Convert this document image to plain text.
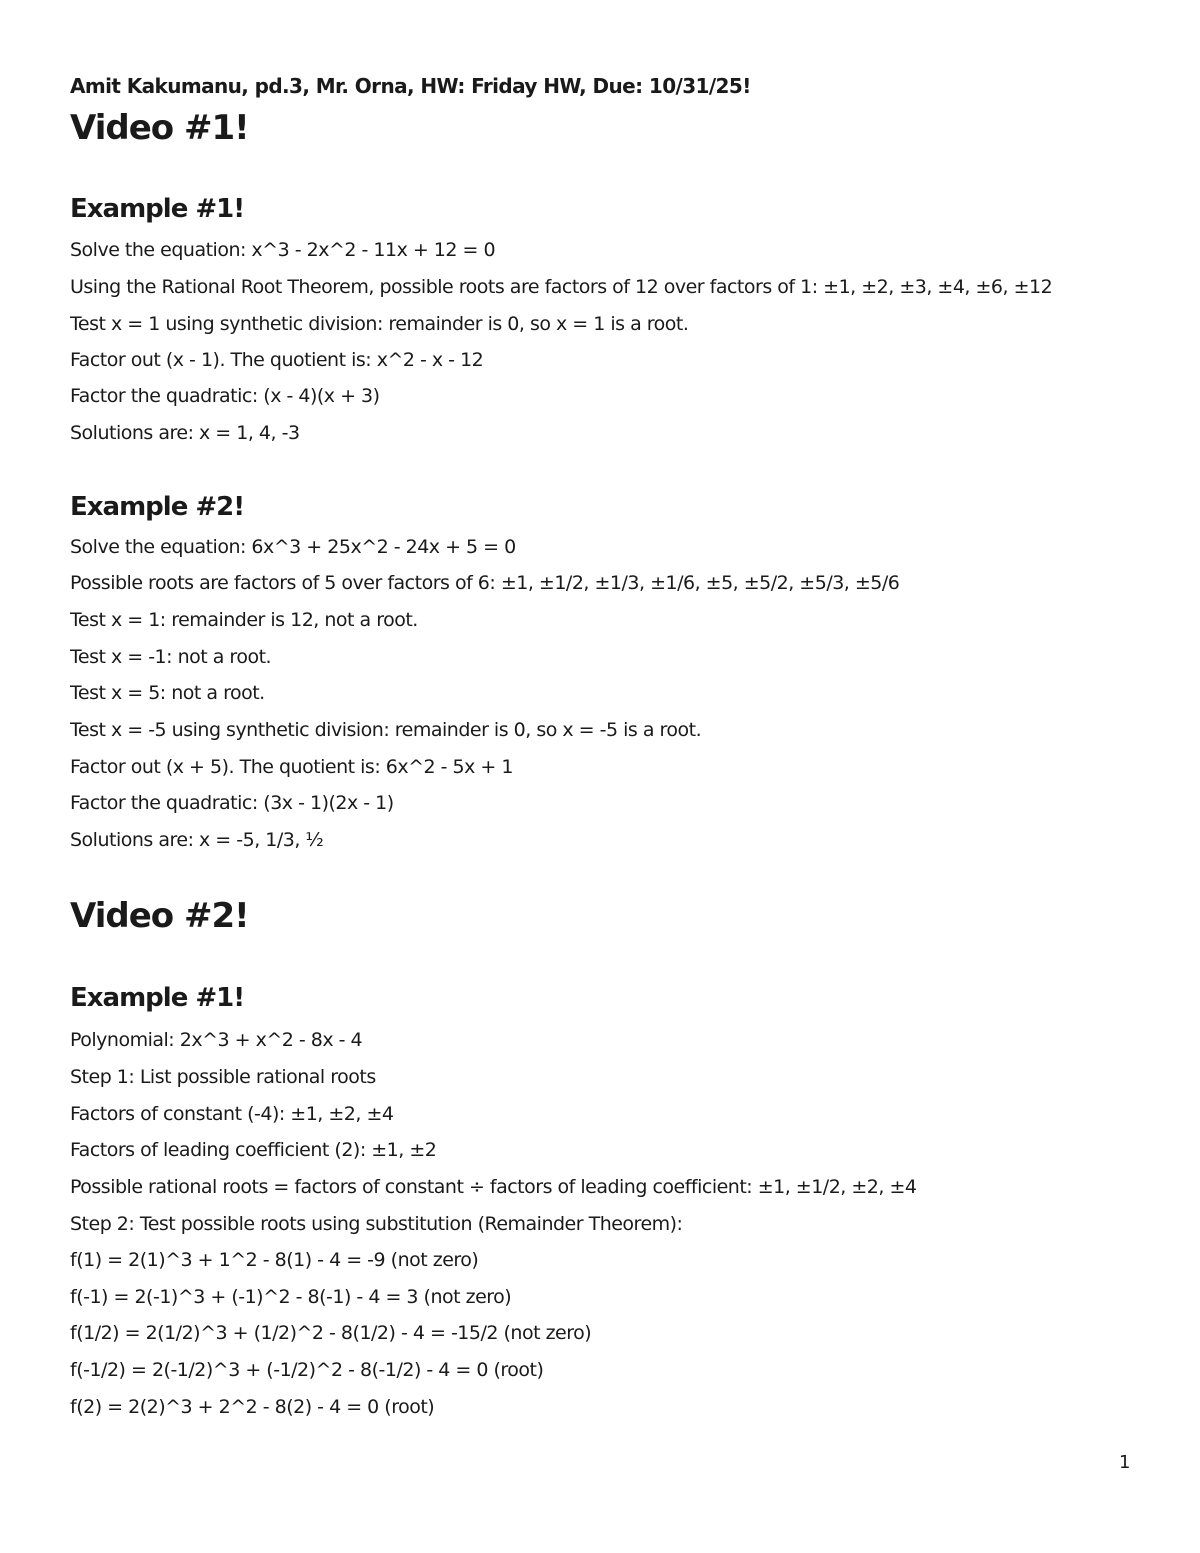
Amit Kakumanu, pd.3, Mr. Orna, HW: Friday HW, Due: 10/31/25!
Video #1!
Example #1!
Solve the equation: x^3 - 2x^2 - 11x + 12 = 0
Using the Rational Root Theorem, possible roots are factors of 12 over factors of 1: ±1, ±2, ±3, ±4, ±6, ±12
Test x = 1 using synthetic division: remainder is 0, so x = 1 is a root.
Factor out (x - 1). The quotient is: x^2 - x - 12
Factor the quadratic: (x - 4)(x + 3)
Solutions are: x = 1, 4, -3
Example #2!
Solve the equation: 6x^3 + 25x^2 - 24x + 5 = 0
Possible roots are factors of 5 over factors of 6: ±1, ±1/2, ±1/3, ±1/6, ±5, ±5/2, ±5/3, ±5/6
Test x = 1: remainder is 12, not a root.
Test x = -1: not a root.
Test x = 5: not a root.
Test x = -5 using synthetic division: remainder is 0, so x = -5 is a root.
Factor out (x + 5). The quotient is: 6x^2 - 5x + 1
Factor the quadratic: (3x - 1)(2x - 1)
Solutions are: x = -5, 1/3, ½
Video #2!
Example #1!
Polynomial: 2x^3 + x^2 - 8x - 4
Step 1: List possible rational roots
Factors of constant (-4): ±1, ±2, ±4
Factors of leading coefficient (2): ±1, ±2
Possible rational roots = factors of constant ÷ factors of leading coefficient: ±1, ±1/2, ±2, ±4
Step 2: Test possible roots using substitution (Remainder Theorem):
f(1) = 2(1)^3 + 1^2 - 8(1) - 4 = -9 (not zero)
f(-1) = 2(-1)^3 + (-1)^2 - 8(-1) - 4 = 3 (not zero)
f(1/2) = 2(1/2)^3 + (1/2)^2 - 8(1/2) - 4 = -15/2 (not zero)
f(-1/2) = 2(-1/2)^3 + (-1/2)^2 - 8(-1/2) - 4 = 0 (root)
f(2) = 2(2)^3 + 2^2 - 8(2) - 4 = 0 (root)
1
